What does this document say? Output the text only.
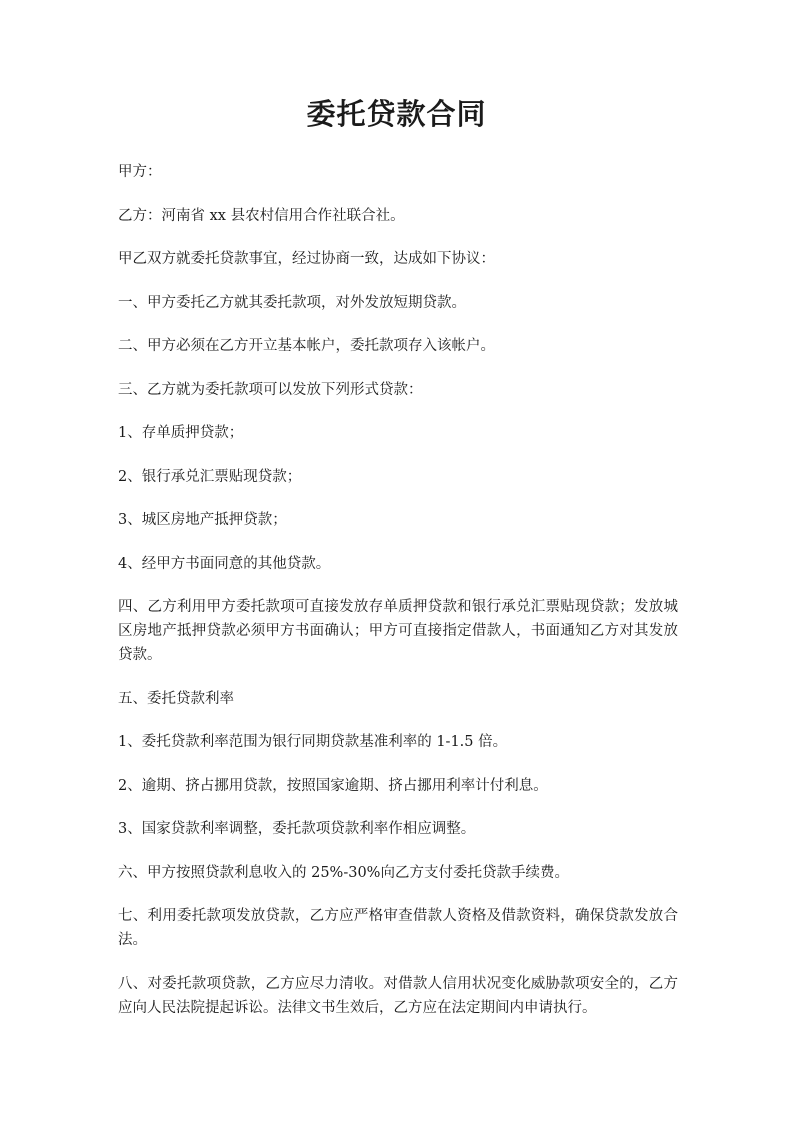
委托贷款合同

甲方：

乙方：河南省 xx 县农村信用合作社联合社。

甲乙双方就委托贷款事宜，经过协商一致，达成如下协议：

一、甲方委托乙方就其委托款项，对外发放短期贷款。

二、甲方必须在乙方开立基本帐户，委托款项存入该帐户。

三、乙方就为委托款项可以发放下列形式贷款：

1、存单质押贷款；

2、银行承兑汇票贴现贷款；

3、城区房地产抵押贷款；

4、经甲方书面同意的其他贷款。

四、乙方利用甲方委托款项可直接发放存单质押贷款和银行承兑汇票贴现贷款；发放城区房地产抵押贷款必须甲方书面确认；甲方可直接指定借款人，书面通知乙方对其发放贷款。

五、委托贷款利率

1、委托贷款利率范围为银行同期贷款基准利率的 1-1.5 倍。

2、逾期、挤占挪用贷款，按照国家逾期、挤占挪用利率计付利息。

3、国家贷款利率调整，委托款项贷款利率作相应调整。

六、甲方按照贷款利息收入的 25%-30%向乙方支付委托贷款手续费。

七、利用委托款项发放贷款，乙方应严格审查借款人资格及借款资料，确保贷款发放合法。

八、对委托款项贷款，乙方应尽力清收。对借款人信用状况变化威胁款项安全的，乙方应向人民法院提起诉讼。法律文书生效后，乙方应在法定期间内申请执行。
